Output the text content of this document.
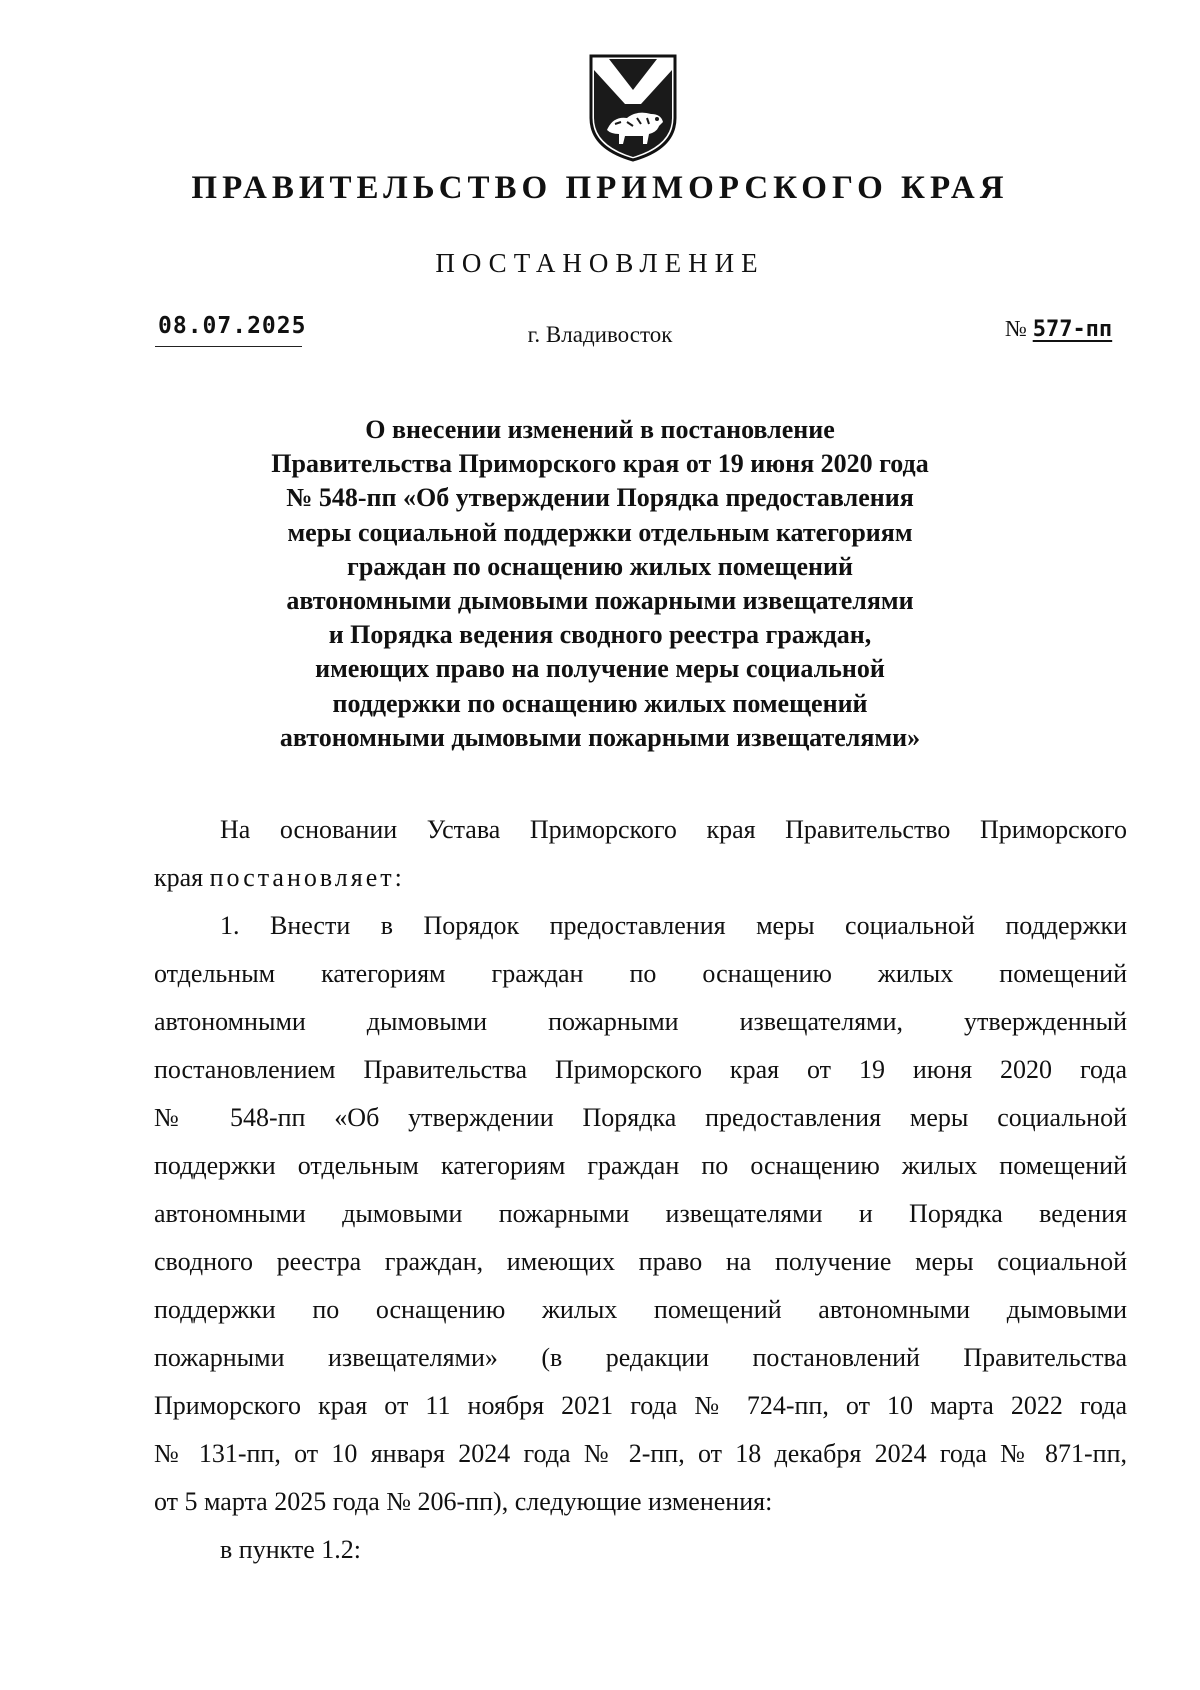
ПРАВИТЕЛЬСТВО ПРИМОРСКОГО КРАЯ
ПОСТАНОВЛЕНИЕ
08.07.2025	г. Владивосток	№ 577-пп
О внесении изменений в постановление
Правительства Приморского края от 19 июня 2020 года
№ 548-пп «Об утверждении Порядка предоставления
меры социальной поддержки отдельным категориям
граждан по оснащению жилых помещений
автономными дымовыми пожарными извещателями
и Порядка ведения сводного реестра граждан,
имеющих право на получение меры социальной
поддержки по оснащению жилых помещений
автономными дымовыми пожарными извещателями»
На основании Устава Приморского края Правительство Приморского
края постановляет:
1. Внести в Порядок предоставления меры социальной поддержки
отдельным категориям граждан по оснащению жилых помещений
автономными дымовыми пожарными извещателями, утвержденный
постановлением Правительства Приморского края от 19 июня 2020 года
№ 548-пп «Об утверждении Порядка предоставления меры социальной
поддержки отдельным категориям граждан по оснащению жилых помещений
автономными дымовыми пожарными извещателями и Порядка ведения
сводного реестра граждан, имеющих право на получение меры социальной
поддержки по оснащению жилых помещений автономными дымовыми
пожарными извещателями» (в редакции постановлений Правительства
Приморского края от 11 ноября 2021 года № 724-пп, от 10 марта 2022 года
№ 131-пп, от 10 января 2024 года № 2-пп, от 18 декабря 2024 года № 871-пп,
от 5 марта 2025 года № 206-пп), следующие изменения:
в пункте 1.2:
